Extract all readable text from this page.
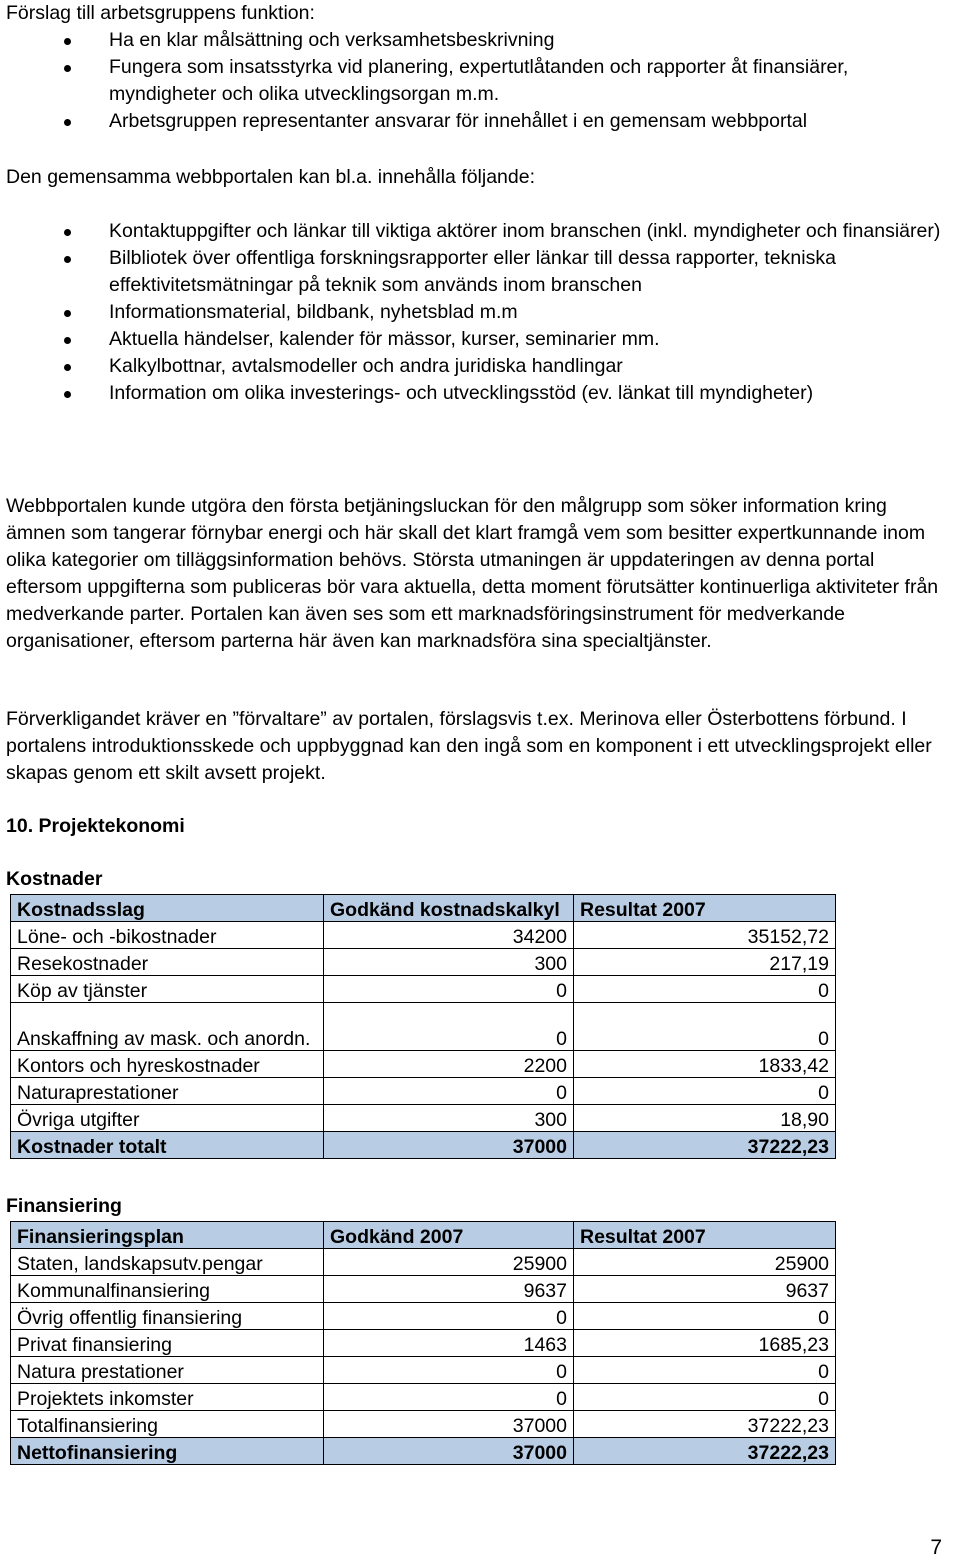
Förslag till arbetsgruppens funktion:

Ha en klar målsättning och verksamhetsbeskrivning
Fungera som insatsstyrka vid planering, expertutlåtanden och rapporter åt finansiärer, myndigheter och olika utvecklingsorgan m.m.
Arbetsgruppen representanter ansvarar för innehållet i en gemensam webbportal

Den gemensamma webbportalen kan bl.a. innehålla följande:

Kontaktuppgifter och länkar till viktiga aktörer inom branschen (inkl. myndigheter och finansiärer)
Bilbliotek över offentliga forskningsrapporter eller länkar till dessa rapporter, tekniska effektivitetsmätningar på teknik som används inom branschen
Informationsmaterial, bildbank, nyhetsblad m.m
Aktuella händelser, kalender för mässor, kurser, seminarier mm.
Kalkylbottnar, avtalsmodeller och andra juridiska handlingar
Information om olika investerings- och utvecklingsstöd (ev. länkat till myndigheter)

Webbportalen kunde utgöra den första betjäningsluckan för den målgrupp som söker information kring ämnen som tangerar förnybar energi och här skall det klart framgå vem som besitter expertkunnande inom olika kategorier om tilläggsinformation behövs. Största utmaningen är uppdateringen av denna portal eftersom uppgifterna som publiceras bör vara aktuella, detta moment förutsätter kontinuerliga aktiviteter från medverkande parter. Portalen kan även ses som ett marknadsföringsinstrument för medverkande organisationer, eftersom parterna här även kan marknadsföra sina specialtjänster.

Förverkligandet kräver en ”förvaltare” av portalen, förslagsvis t.ex. Merinova eller Österbottens förbund. I portalens introduktionsskede och uppbyggnad kan den ingå som en komponent i ett utvecklingsprojekt eller skapas genom ett skilt avsett projekt.

10. Projektekonomi

Kostnader

Kostnadsslag	Godkänd kostnadskalkyl	Resultat 2007
Löne- och -bikostnader	34200	35152,72
Resekostnader	300	217,19
Köp av tjänster	0	0
Anskaffning av mask. och anordn.	0	0
Kontors och hyreskostnader	2200	1833,42
Naturaprestationer	0	0
Övriga utgifter	300	18,90
Kostnader totalt	37000	37222,23

Finansiering

Finansieringsplan	Godkänd 2007	Resultat 2007
Staten, landskapsutv.pengar	25900	25900
Kommunalfinansiering	9637	9637
Övrig offentlig finansiering	0	0
Privat finansiering	1463	1685,23
Natura prestationer	0	0
Projektets inkomster	0	0
Totalfinansiering	37000	37222,23
Nettofinansiering	37000	37222,23
7
